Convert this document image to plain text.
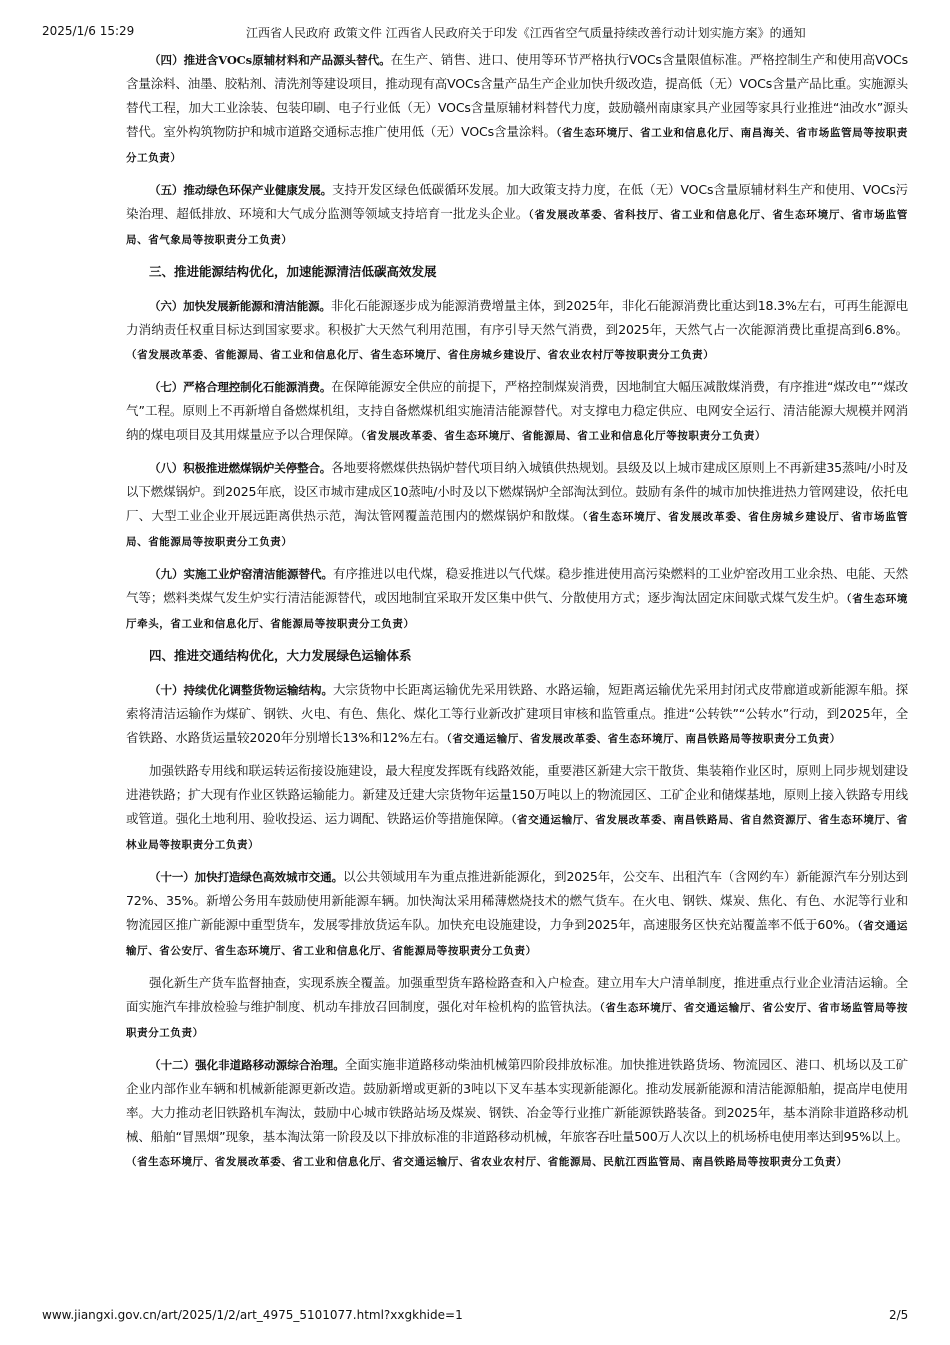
2025/1/6 15:29	江西省人民政府 政策文件 江西省人民政府关于印发《江西省空气质量持续改善行动计划实施方案》的通知

（四）推进含VOCs原辅材料和产品源头替代。在生产、销售、进口、使用等环节严格执行VOCs含量限值标准。严格控制生产和使用高VOCs含量涂料、油墨、胶粘剂、清洗剂等建设项目，推动现有高VOCs含量产品生产企业加快升级改造，提高低（无）VOCs含量产品比重。实施源头替代工程，加大工业涂装、包装印刷、电子行业低（无）VOCs含量原辅材料替代力度，鼓励赣州南康家具产业园等家具行业推进“油改水”源头替代。室外构筑物防护和城市道路交通标志推广使用低（无）VOCs含量涂料。（省生态环境厅、省工业和信息化厅、南昌海关、省市场监管局等按职责分工负责）

（五）推动绿色环保产业健康发展。支持开发区绿色低碳循环发展。加大政策支持力度，在低（无）VOCs含量原辅材料生产和使用、VOCs污染治理、超低排放、环境和大气成分监测等领域支持培育一批龙头企业。（省发展改革委、省科技厅、省工业和信息化厅、省生态环境厅、省市场监管局、省气象局等按职责分工负责）

三、推进能源结构优化，加速能源清洁低碳高效发展

（六）加快发展新能源和清洁能源。非化石能源逐步成为能源消费增量主体，到2025年，非化石能源消费比重达到18.3%左右，可再生能源电力消纳责任权重目标达到国家要求。积极扩大天然气利用范围，有序引导天然气消费，到2025年，天然气占一次能源消费比重提高到6.8%。（省发展改革委、省能源局、省工业和信息化厅、省生态环境厅、省住房城乡建设厅、省农业农村厅等按职责分工负责）

（七）严格合理控制化石能源消费。在保障能源安全供应的前提下，严格控制煤炭消费，因地制宜大幅压减散煤消费，有序推进“煤改电”“煤改气”工程。原则上不再新增自备燃煤机组，支持自备燃煤机组实施清洁能源替代。对支撑电力稳定供应、电网安全运行、清洁能源大规模并网消纳的煤电项目及其用煤量应予以合理保障。（省发展改革委、省生态环境厅、省能源局、省工业和信息化厅等按职责分工负责）

（八）积极推进燃煤锅炉关停整合。各地要将燃煤供热锅炉替代项目纳入城镇供热规划。县级及以上城市建成区原则上不再新建35蒸吨/小时及以下燃煤锅炉。到2025年底，设区市城市建成区10蒸吨/小时及以下燃煤锅炉全部淘汰到位。鼓励有条件的城市加快推进热力管网建设，依托电厂、大型工业企业开展远距离供热示范，淘汰管网覆盖范围内的燃煤锅炉和散煤。（省生态环境厅、省发展改革委、省住房城乡建设厅、省市场监管局、省能源局等按职责分工负责）

（九）实施工业炉窑清洁能源替代。有序推进以电代煤，稳妥推进以气代煤。稳步推进使用高污染燃料的工业炉窑改用工业余热、电能、天然气等；燃料类煤气发生炉实行清洁能源替代，或因地制宜采取开发区集中供气、分散使用方式；逐步淘汰固定床间歇式煤气发生炉。（省生态环境厅牵头，省工业和信息化厅、省能源局等按职责分工负责）

四、推进交通结构优化，大力发展绿色运输体系

（十）持续优化调整货物运输结构。大宗货物中长距离运输优先采用铁路、水路运输，短距离运输优先采用封闭式皮带廊道或新能源车船。探索将清洁运输作为煤矿、钢铁、火电、有色、焦化、煤化工等行业新改扩建项目审核和监管重点。推进“公转铁”“公转水”行动，到2025年，全省铁路、水路货运量较2020年分别增长13%和12%左右。（省交通运输厅、省发展改革委、省生态环境厅、南昌铁路局等按职责分工负责）

加强铁路专用线和联运转运衔接设施建设，最大程度发挥既有线路效能，重要港区新建大宗干散货、集装箱作业区时，原则上同步规划建设进港铁路；扩大现有作业区铁路运输能力。新建及迁建大宗货物年运量150万吨以上的物流园区、工矿企业和储煤基地，原则上接入铁路专用线或管道。强化土地利用、验收投运、运力调配、铁路运价等措施保障。（省交通运输厅、省发展改革委、南昌铁路局、省自然资源厅、省生态环境厅、省林业局等按职责分工负责）

（十一）加快打造绿色高效城市交通。以公共领域用车为重点推进新能源化，到2025年，公交车、出租汽车（含网约车）新能源汽车分别达到72%、35%。新增公务用车鼓励使用新能源车辆。加快淘汰采用稀薄燃烧技术的燃气货车。在火电、钢铁、煤炭、焦化、有色、水泥等行业和物流园区推广新能源中重型货车，发展零排放货运车队。加快充电设施建设，力争到2025年，高速服务区快充站覆盖率不低于60%。（省交通运输厅、省公安厅、省生态环境厅、省工业和信息化厅、省能源局等按职责分工负责）

强化新生产货车监督抽查，实现系族全覆盖。加强重型货车路检路查和入户检查。建立用车大户清单制度，推进重点行业企业清洁运输。全面实施汽车排放检验与维护制度、机动车排放召回制度，强化对年检机构的监管执法。（省生态环境厅、省交通运输厅、省公安厅、省市场监管局等按职责分工负责）

（十二）强化非道路移动源综合治理。全面实施非道路移动柴油机械第四阶段排放标准。加快推进铁路货场、物流园区、港口、机场以及工矿企业内部作业车辆和机械新能源更新改造。鼓励新增或更新的3吨以下叉车基本实现新能源化。推动发展新能源和清洁能源船舶，提高岸电使用率。大力推动老旧铁路机车淘汰，鼓励中心城市铁路站场及煤炭、钢铁、冶金等行业推广新能源铁路装备。到2025年，基本消除非道路移动机械、船舶“冒黑烟”现象，基本淘汰第一阶段及以下排放标准的非道路移动机械，年旅客吞吐量500万人次以上的机场桥电使用率达到95%以上。（省生态环境厅、省发展改革委、省工业和信息化厅、省交通运输厅、省农业农村厅、省能源局、民航江西监管局、南昌铁路局等按职责分工负责）

www.jiangxi.gov.cn/art/2025/1/2/art_4975_5101077.html?xxgkhide=1	2/5
